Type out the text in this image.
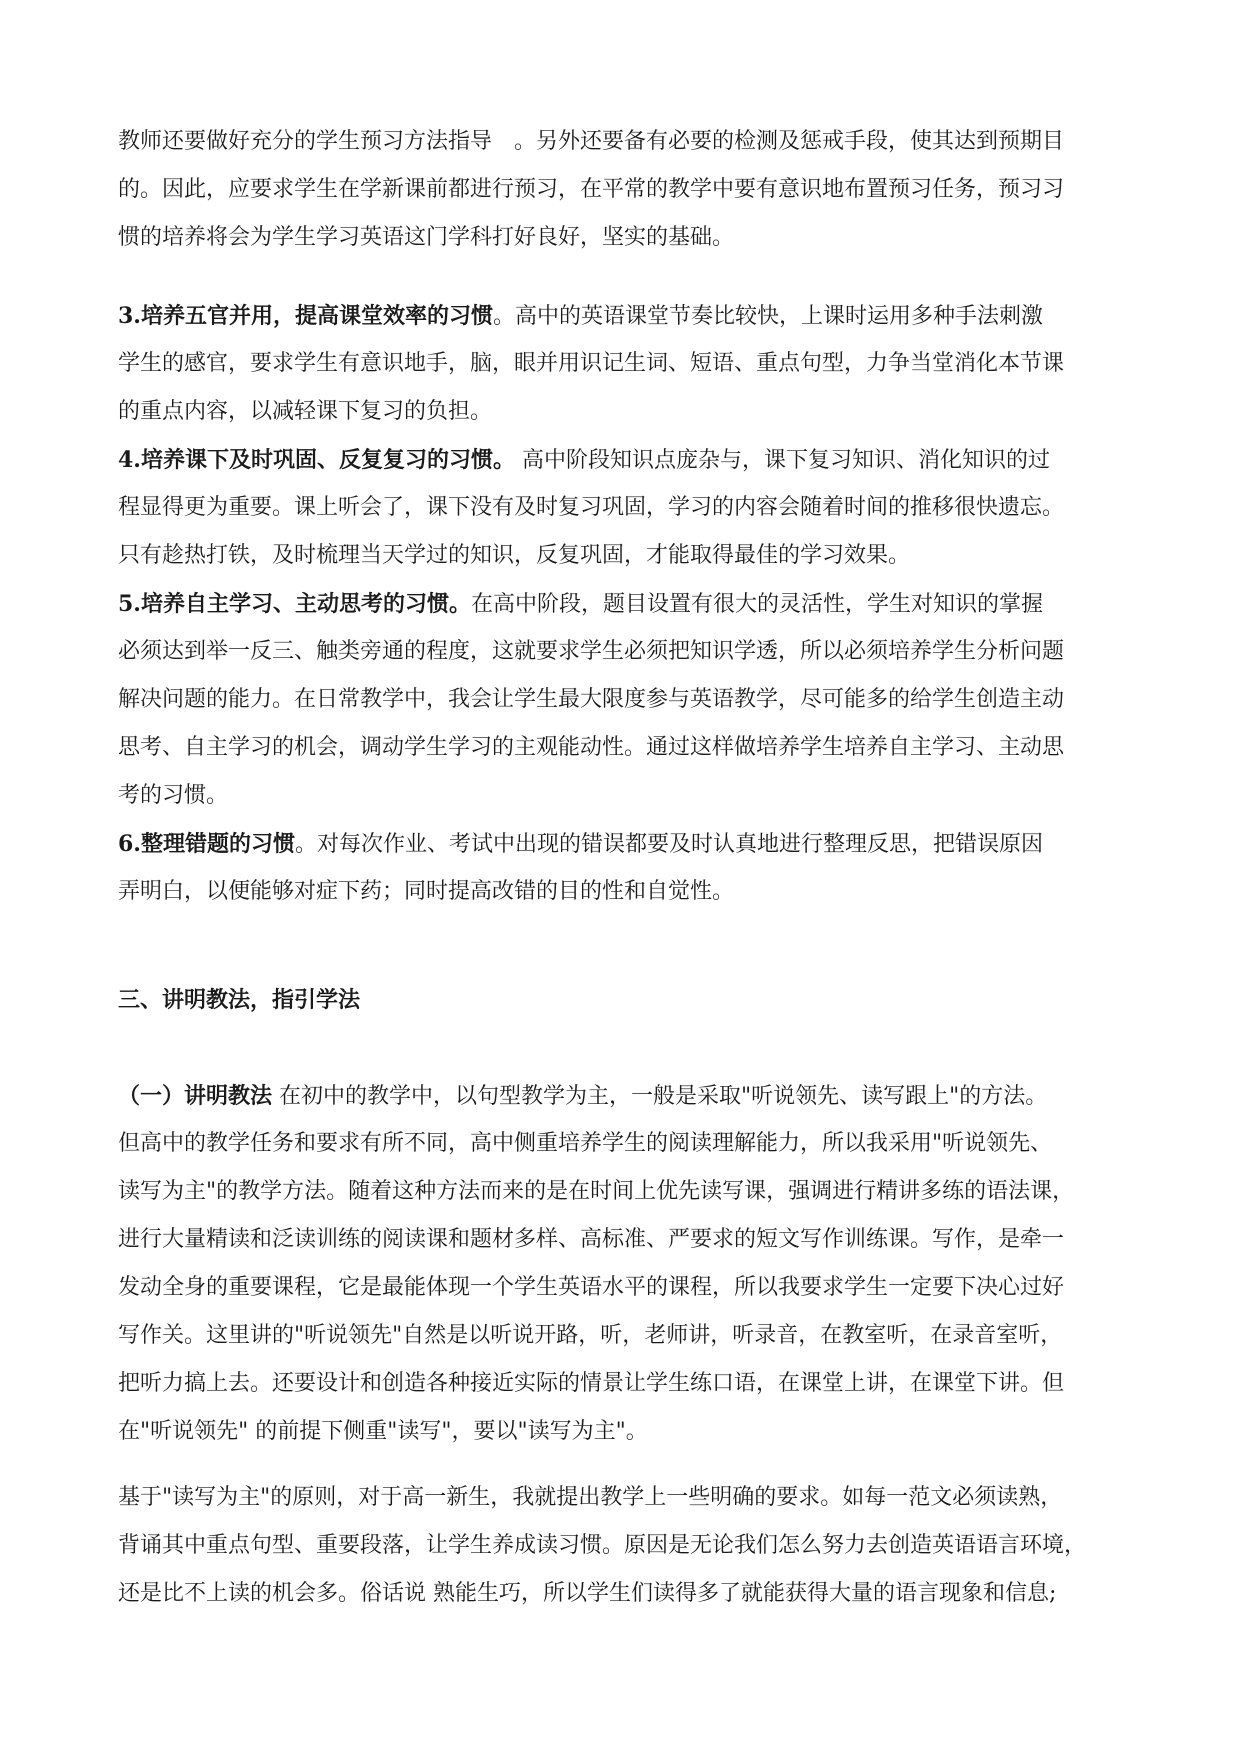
教师还要做好充分的学生预习方法指导　。另外还要备有必要的检测及惩戒手段，使其达到预期目
的。因此，应要求学生在学新课前都进行预习，在平常的教学中要有意识地布置预习任务，预习习
惯的培养将会为学生学习英语这门学科打好良好，坚实的基础。
3.培养五官并用，提高课堂效率的习惯。高中的英语课堂节奏比较快，上课时运用多种手法刺激
学生的感官，要求学生有意识地手，脑，眼并用识记生词、短语、重点句型，力争当堂消化本节课
的重点内容，以减轻课下复习的负担。
4.培养课下及时巩固、反复复习的习惯。 高中阶段知识点庞杂与，课下复习知识、消化知识的过
程显得更为重要。课上听会了，课下没有及时复习巩固，学习的内容会随着时间的推移很快遗忘。
只有趁热打铁，及时梳理当天学过的知识，反复巩固，才能取得最佳的学习效果。
5.培养自主学习、主动思考的习惯。在高中阶段，题目设置有很大的灵活性，学生对知识的掌握
必须达到举一反三、触类旁通的程度，这就要求学生必须把知识学透，所以必须培养学生分析问题
解决问题的能力。在日常教学中，我会让学生最大限度参与英语教学，尽可能多的给学生创造主动
思考、自主学习的机会，调动学生学习的主观能动性。通过这样做培养学生培养自主学习、主动思
考的习惯。
6.整理错题的习惯。对每次作业、考试中出现的错误都要及时认真地进行整理反思，把错误原因
弄明白，以便能够对症下药；同时提高改错的目的性和自觉性。
三、讲明教法，指引学法
（一）讲明教法 在初中的教学中，以句型教学为主，一般是采取"听说领先、读写跟上"的方法。
但高中的教学任务和要求有所不同，高中侧重培养学生的阅读理解能力，所以我采用"听说领先、
读写为主"的教学方法。随着这种方法而来的是在时间上优先读写课，强调进行精讲多练的语法课，
进行大量精读和泛读训练的阅读课和题材多样、高标准、严要求的短文写作训练课。写作，是牵一
发动全身的重要课程，它是最能体现一个学生英语水平的课程，所以我要求学生一定要下决心过好
写作关。这里讲的"听说领先"自然是以听说开路，听，老师讲，听录音，在教室听，在录音室听，
把听力搞上去。还要设计和创造各种接近实际的情景让学生练口语，在课堂上讲，在课堂下讲。但
在"听说领先" 的前提下侧重"读写"，要以"读写为主"。
基于"读写为主"的原则，对于高一新生，我就提出教学上一些明确的要求。如每一范文必须读熟，
背诵其中重点句型、重要段落，让学生养成读习惯。原因是无论我们怎么努力去创造英语语言环境，
还是比不上读的机会多。俗话说 熟能生巧，所以学生们读得多了就能获得大量的语言现象和信息;
